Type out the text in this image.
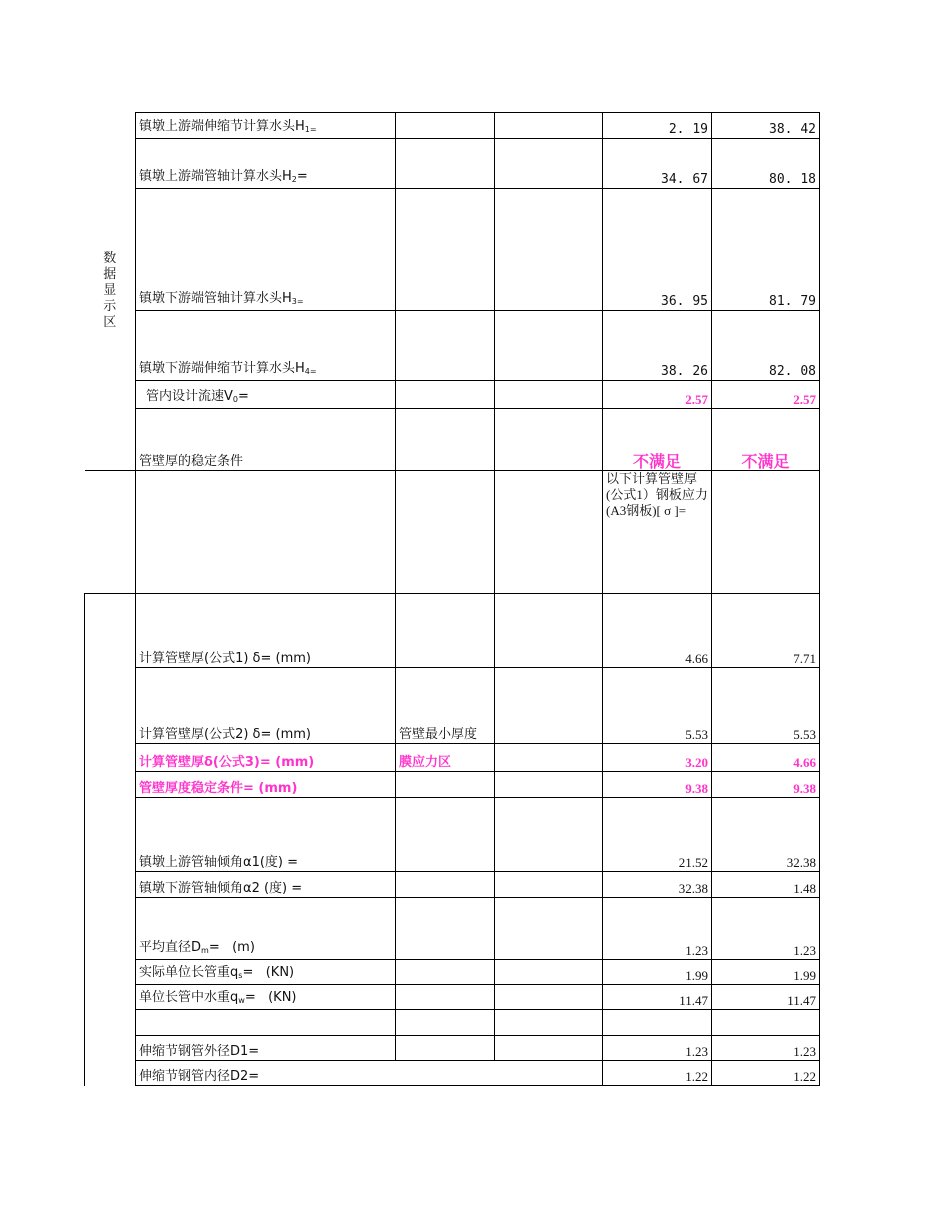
数
据
显
示
区	镇墩上游端伸缩节计算水头$H_{1=}$			2. 19	38. 42
	镇墩上游端管轴计算水头$H_2=$			34. 67	80. 18
	镇墩下游端管轴计算水头$H_{3=}$			36. 95	81. 79
	镇墩下游端伸缩节计算水头$H_{4=}$			38. 26	82. 08
	管内设计流速$V_0=$			2.57	2.57
	管壁厚的稳定条件			不满足	不满足

				以下计算管壁厚(公式1）钢板应力(A3钢板)[ σ ]=	
	计算管壁厚(公式1) δ= (mm)			4.66	7.71
	计算管壁厚(公式2) δ= (mm)	管壁最小厚度		5.53	5.53
	计算管壁厚δ(公式3)= (mm)	膜应力区		3.20	4.66
	管壁厚度稳定条件= (mm)			9.38	9.38
	镇墩上游管轴倾角α1(度) =			21.52	32.38
	镇墩下游管轴倾角α2 (度) =			32.38	1.48
	平均直径$D_m= (m)$			1.23	1.23
	实际单位长管重$q_s= (KN)$			1.99	1.99
	单位长管中水重$q_w= (KN)$			11.47	11.47

	伸缩节钢管外径D1=			1.23	1.23
	伸缩节钢管内径D2=			1.22	1.22
